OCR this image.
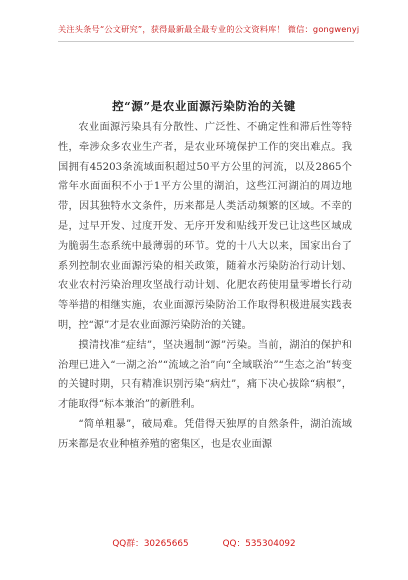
关注头条号“公文研究”，获得最新最全最专业的公文资料库！ 微信：gongwenyj
控“源”是农业面源污染防治的关键

农业面源污染具有分散性、广泛性、不确定性和滞后性等特性，牵涉众多农业生产者，是农业环境保护工作的突出难点。我国拥有45203条流域面积超过50平方公里的河流，以及2865个常年水面面积不小于1平方公里的湖泊，这些江河湖泊的周边地带，因其独特水文条件，历来都是人类活动频繁的区域。不幸的是，过早开发、过度开发、无序开发和贴线开发已让这些区域成为脆弱生态系统中最薄弱的环节。党的十八大以来，国家出台了系列控制农业面源污染的相关政策，随着水污染防治行动计划、农业农村污染治理攻坚战行动计划、化肥农药使用量零增长行动等举措的相继实施，农业面源污染防治工作取得积极进展实践表明，控“源”才是农业面源污染防治的关键。

摸清找准“症结”，坚决遏制“源”污染。当前，湖泊的保护和治理已进入“一湖之治”“流域之治”向“全域联治”“生态之治”转变的关键时期，只有精准识别污染“病灶”，痛下决心拔除“病根”，才能取得“标本兼治”的新胜利。

“简单粗暴”，破局难。凭借得天独厚的自然条件，湖泊流域历来都是农业种植养殖的密集区，也是农业面源

QQ群：30265665	QQ：535304092
